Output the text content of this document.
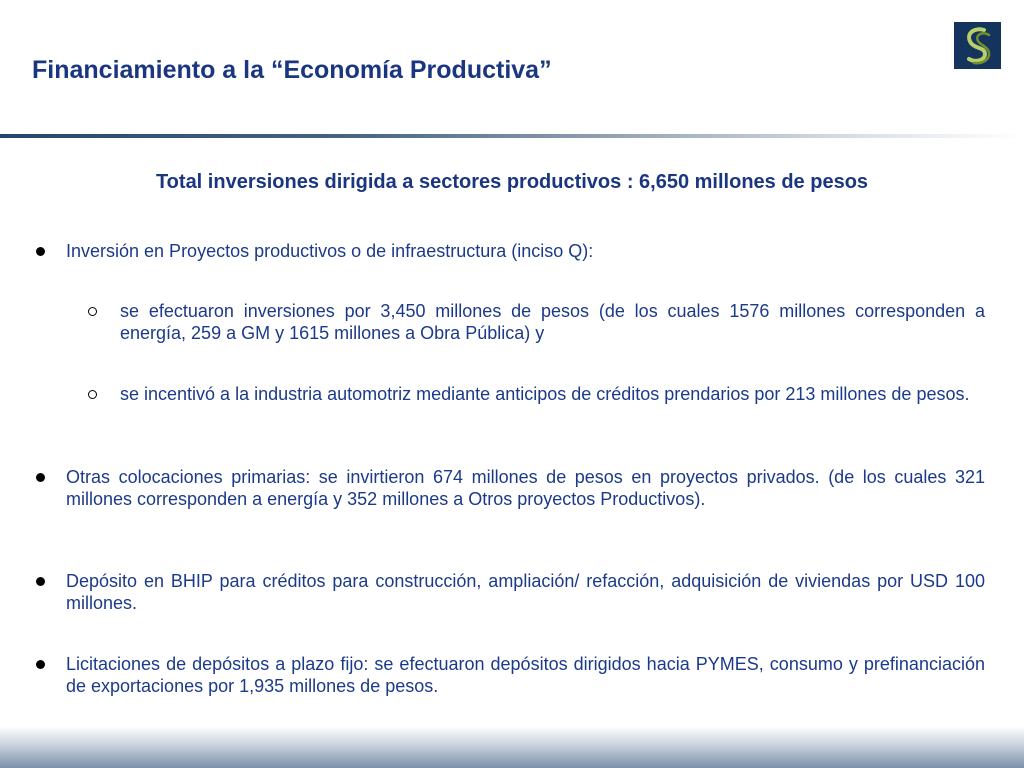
Financiamiento a la “Economía Productiva”
Total inversiones dirigida a sectores productivos : 6,650 millones de pesos
Inversión en Proyectos productivos o de infraestructura (inciso Q):
se efectuaron inversiones por 3,450 millones de pesos (de los cuales 1576 millones corresponden a energía, 259 a GM y 1615 millones a Obra Pública) y
se incentivó a la industria automotriz mediante anticipos de créditos prendarios por 213 millones de pesos.
Otras colocaciones primarias: se invirtieron 674 millones de pesos en proyectos privados. (de los cuales 321 millones corresponden a energía y 352 millones a Otros proyectos Productivos).
Depósito en BHIP para créditos para construcción, ampliación/ refacción, adquisición de viviendas por USD 100 millones.
Licitaciones de depósitos a plazo fijo: se efectuaron depósitos dirigidos hacia PYMES, consumo y prefinanciación de exportaciones por 1,935 millones de pesos.
